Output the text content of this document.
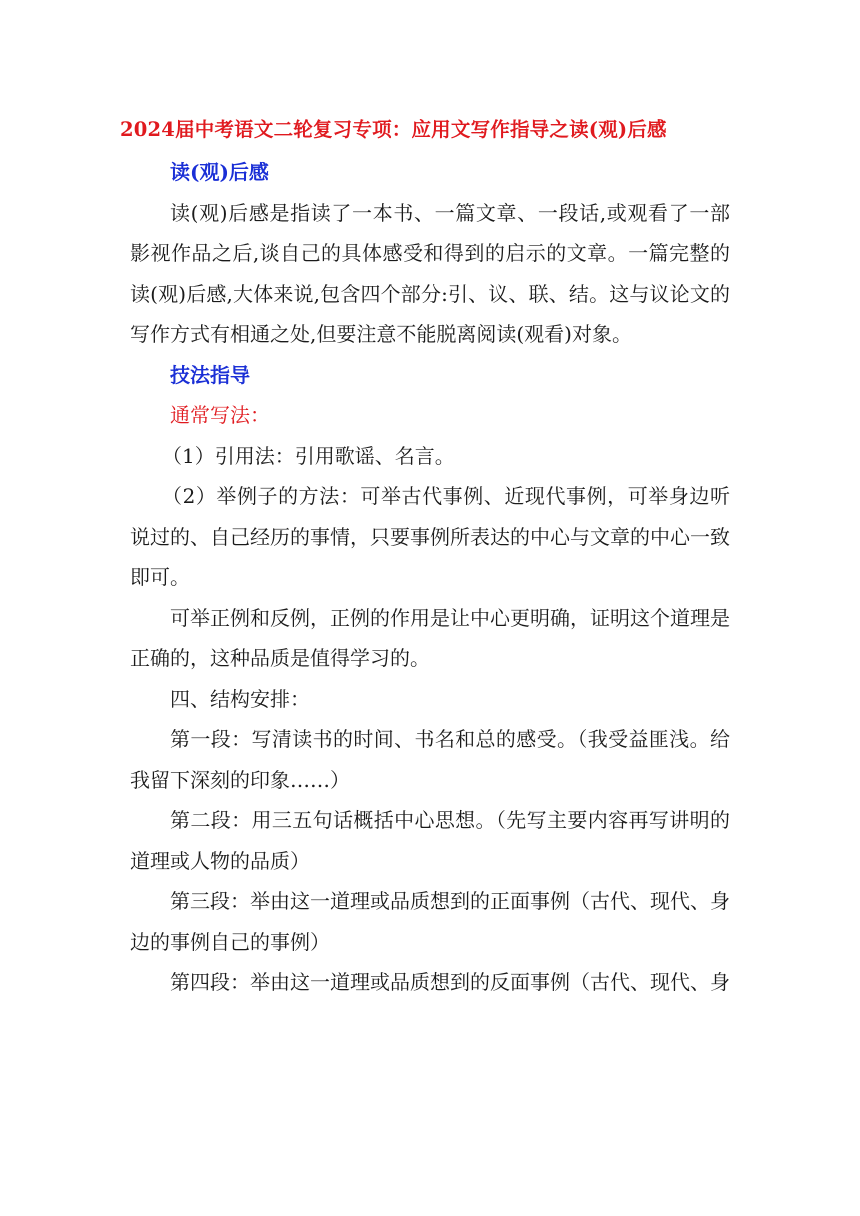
2024届中考语文二轮复习专项：应用文写作指导之读(观)后感

读(观)后感

读(观)后感是指读了一本书、一篇文章、一段话,或观看了一部影视作品之后,谈自己的具体感受和得到的启示的文章。一篇完整的读(观)后感,大体来说,包含四个部分:引、议、联、结。这与议论文的写作方式有相通之处,但要注意不能脱离阅读(观看)对象。

技法指导

通常写法：

（1）引用法：引用歌谣、名言。

（2）举例子的方法：可举古代事例、近现代事例，可举身边听说过的、自己经历的事情，只要事例所表达的中心与文章的中心一致即可。

可举正例和反例，正例的作用是让中心更明确，证明这个道理是正确的，这种品质是值得学习的。

四、结构安排：

第一段：写清读书的时间、书名和总的感受。（我受益匪浅。给我留下深刻的印象……）

第二段：用三五句话概括中心思想。（先写主要内容再写讲明的道理或人物的品质）

第三段：举由这一道理或品质想到的正面事例（古代、现代、身边的事例自己的事例）

第四段：举由这一道理或品质想到的反面事例（古代、现代、身
